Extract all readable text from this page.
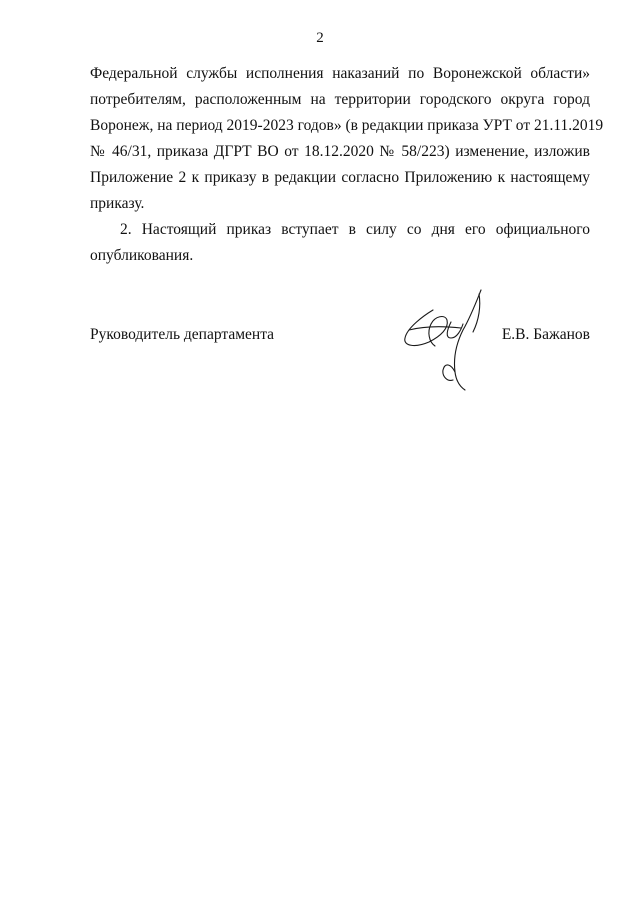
2
Федеральной службы исполнения наказаний по Воронежской области»
потребителям, расположенным на территории городского округа город
Воронеж, на период 2019-2023 годов» (в редакции приказа УРТ от 21.11.2019
№ 46/31, приказа ДГРТ ВО от 18.12.2020 № 58/223) изменение, изложив
Приложение 2 к приказу в редакции согласно Приложению к настоящему
приказу.
2. Настоящий приказ вступает в силу со дня его официального
опубликования.
Руководитель департамента	Е.В. Бажанов
